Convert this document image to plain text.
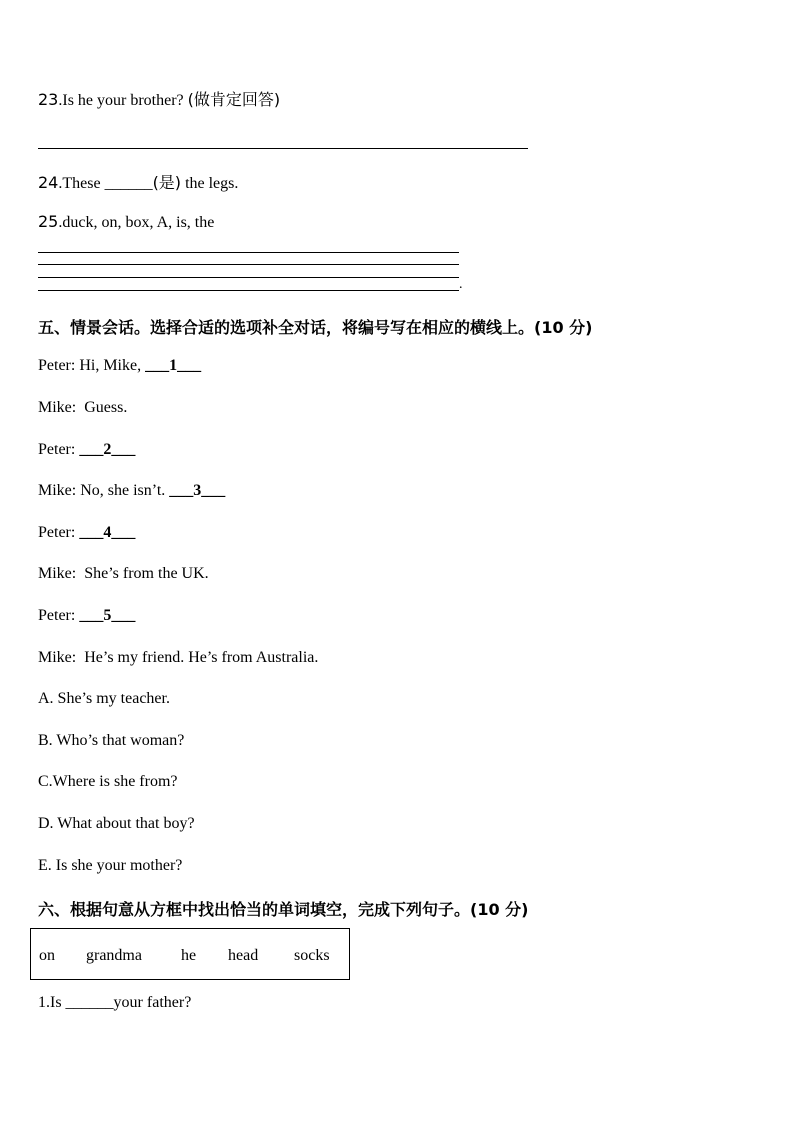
23.Is he your brother? (做肯定回答)
24.These ______(是) the legs.
25.duck, on, box, A, is, the
.
五、情景会话。选择合适的选项补全对话，将编号写在相应的横线上。(10 分)
Peter: Hi, Mike, ___1___
Mike:  Guess.
Peter: ___2___
Mike: No, she isn’t. ___3___
Peter: ___4___
Mike:  She’s from the UK.
Peter: ___5___
Mike:  He’s my friend. He’s from Australia.
A. She’s my teacher.
B. Who’s that woman?
C.Where is she from?
D. What about that boy?
E. Is she your mother?
六、根据句意从方框中找出恰当的单词填空，完成下列句子。(10 分)
on grandma he head socks
1.Is ______your father?
